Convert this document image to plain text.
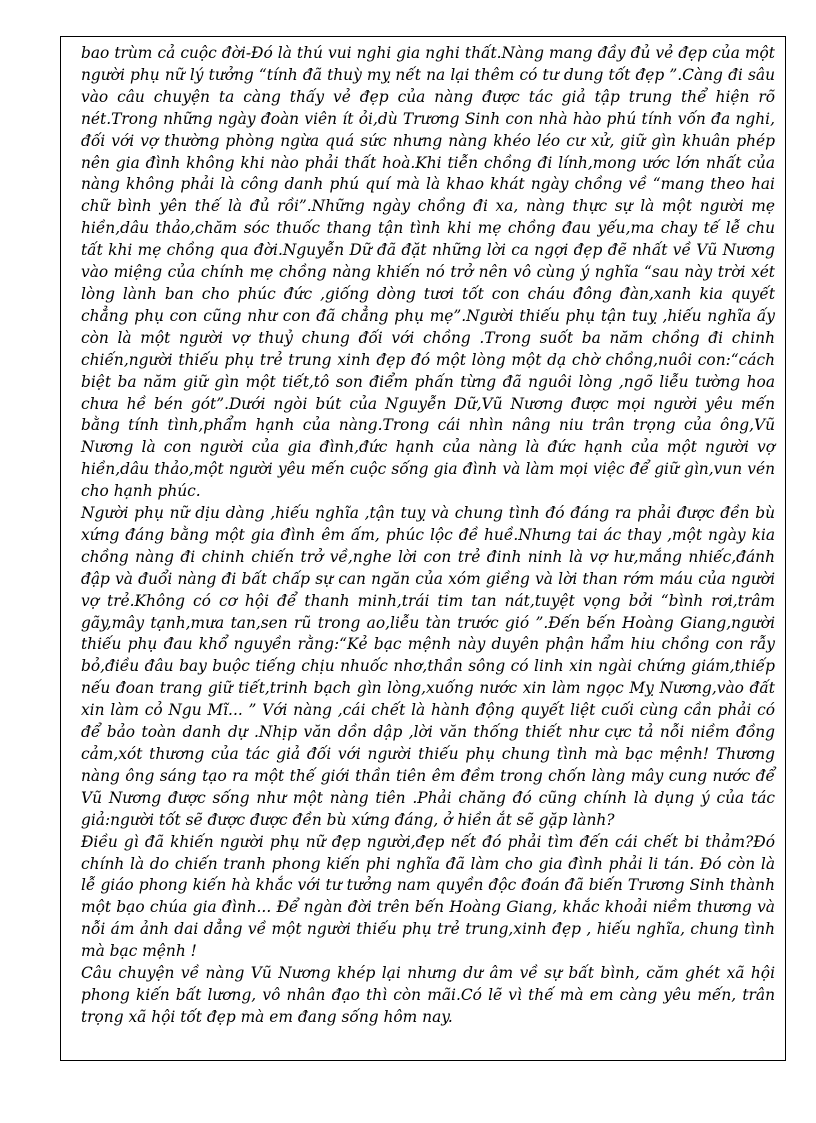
bao trùm cả cuộc đời-Đó là thú vui nghi gia nghi thất.Nàng mang đầy đủ vẻ đẹp của một người phụ nữ lý tưởng “tính đã thuỳ mỵ nết na lại thêm có tư dung tốt đẹp ”.Càng đi sâu vào câu chuyện ta càng thấy vẻ đẹp của nàng được tác giả tập trung thể hiện rõ nét.Trong những ngày đoàn viên ít ỏi,dù Trương Sinh con nhà hào phú tính vốn đa nghi, đối với vợ thường phòng ngừa quá sức nhưng nàng khéo léo cư xử, giữ gìn khuân phép nên gia đình không khi nào phải thất hoà.Khi tiễn chồng đi lính,mong ước lớn nhất của nàng không phải là công danh phú quí mà là khao khát ngày chồng về “mang theo hai chữ bình yên thế là đủ rồi”.Những ngày chồng đi xa, nàng thực sự là một người mẹ hiền,dâu thảo,chăm sóc thuốc thang tận tình khi mẹ chồng đau yếu,ma chay tế lễ chu tất khi mẹ chồng qua đời.Nguyễn Dữ đã đặt những lời ca ngợi đẹp đẽ nhất về Vũ Nương vào miệng của chính mẹ chồng nàng khiến nó trở nên vô cùng ý nghĩa “sau này trời xét lòng lành ban cho phúc đức ,giống dòng tươi tốt con cháu đông đàn,xanh kia quyết chẳng phụ con cũng như con đã chẳng phụ mẹ”.Người thiếu phụ tận tuỵ ,hiếu nghĩa ấy còn là một người vợ thuỷ chung đối với chồng .Trong suốt ba năm chồng đi chinh chiến,người thiếu phụ trẻ trung xinh đẹp đó một lòng một dạ chờ chồng,nuôi con:“cách biệt ba năm giữ gìn một tiết,tô son điểm phấn từng đã nguôi lòng ,ngõ liễu tường hoa chưa hề bén gót”.Dưới ngòi bút của Nguyễn Dữ,Vũ Nương được mọi người yêu mến bằng tính tình,phẩm hạnh của nàng.Trong cái nhìn nâng niu trân trọng của ông,Vũ Nương là con người của gia đình,đức hạnh của nàng là đức hạnh của một người vợ hiền,dâu thảo,một người yêu mến cuộc sống gia đình và làm mọi việc để giữ gìn,vun vén cho hạnh phúc.

Người phụ nữ dịu dàng ,hiếu nghĩa ,tận tuỵ và chung tình đó đáng ra phải được đền bù xứng đáng bằng một gia đình êm ấm, phúc lộc đề huề.Nhưng tai ác thay ,một ngày kia chồng nàng đi chinh chiến trở về,nghe lời con trẻ đinh ninh là vợ hư,mắng nhiếc,đánh đập và đuổi nàng đi bất chấp sự can ngăn của xóm giềng và lời than rớm máu của người vợ trẻ.Không có cơ hội để thanh minh,trái tim tan nát,tuyệt vọng bởi “bình rơi,trâm gãy,mây tạnh,mưa tan,sen rũ trong ao,liễu tàn trước gió ”.Đến bến Hoàng Giang,người thiếu phụ đau khổ nguyền rằng:“Kẻ bạc mệnh này duyên phận hẩm hiu chồng con rẫy bỏ,điều đâu bay buộc tiếng chịu nhuốc nhơ,thần sông có linh xin ngài chứng giám,thiếp nếu đoan trang giữ tiết,trinh bạch gìn lòng,xuống nước xin làm ngọc Mỵ Nương,vào đất xin làm cỏ Ngu Mĩ... ” Với nàng ,cái chết là hành động quyết liệt cuối cùng cần phải có để bảo toàn danh dự .Nhịp văn dồn dập ,lời văn thống thiết như cực tả nỗi niềm đồng cảm,xót thương của tác giả đối với người thiếu phụ chung tình mà bạc mệnh! Thương nàng ông sáng tạo ra một thế giới thần tiên êm đềm trong chốn làng mây cung nước để Vũ Nương được sống như một nàng tiên .Phải chăng đó cũng chính là dụng ý của tác giả:người tốt sẽ được được đền bù xứng đáng, ở hiền ắt sẽ gặp lành?

Điều gì đã khiến người phụ nữ đẹp người,đẹp nết đó phải tìm đến cái chết bi thảm?Đó chính là do chiến tranh phong kiến phi nghĩa đã làm cho gia đình phải li tán. Đó còn là lễ giáo phong kiến hà khắc với tư tưởng nam quyền độc đoán đã biến Trương Sinh thành một bạo chúa gia đình... Để ngàn đời trên bến Hoàng Giang, khắc khoải niềm thương và nỗi ám ảnh dai dẳng về một người thiếu phụ trẻ trung,xinh đẹp , hiếu nghĩa, chung tình mà bạc mệnh !

Câu chuyện về nàng Vũ Nương khép lại nhưng dư âm về sự bất bình, căm ghét xã hội phong kiến bất lương, vô nhân đạo thì còn mãi.Có lẽ vì thế mà em càng yêu mến, trân trọng xã hội tốt đẹp mà em đang sống hôm nay.
